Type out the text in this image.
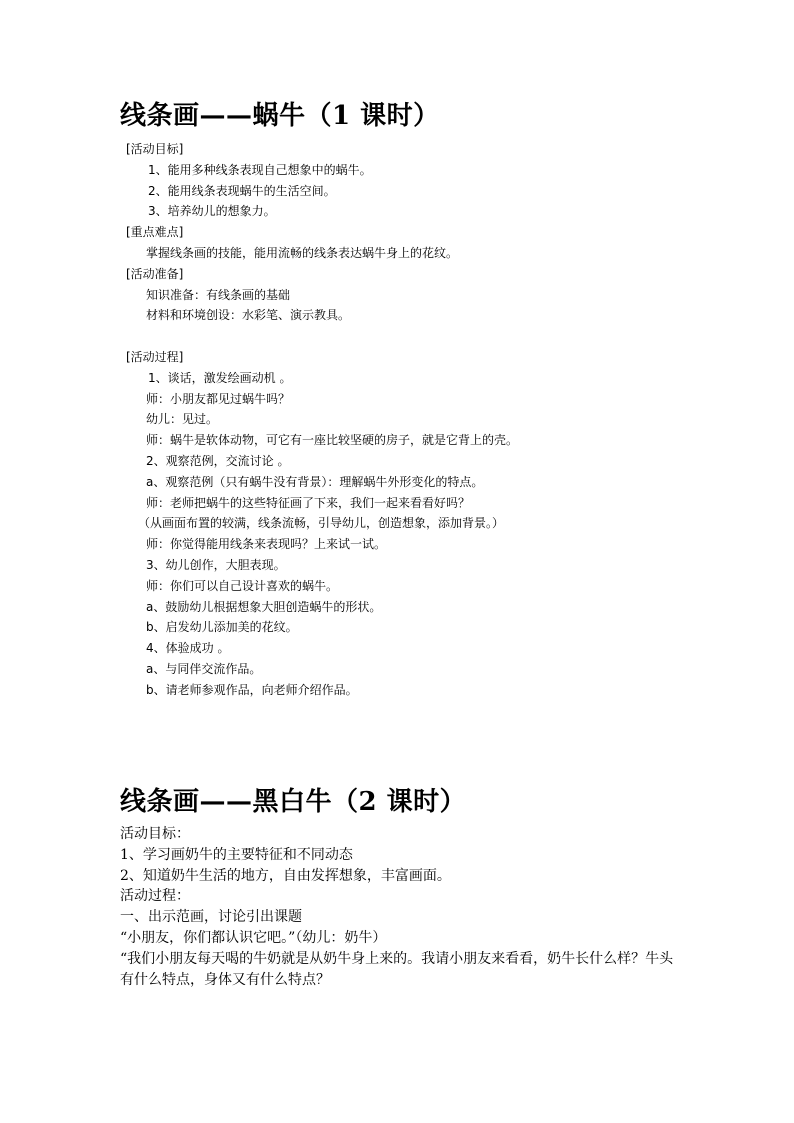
线条画——蜗牛（1 课时）
[活动目标]
1、能用多种线条表现自己想象中的蜗牛。
2、能用线条表现蜗牛的生活空间。
3、培养幼儿的想象力。
[重点难点]
掌握线条画的技能，能用流畅的线条表达蜗牛身上的花纹。
[活动准备]
知识准备：有线条画的基础
材料和环境创设：水彩笔、演示教具。
[活动过程]
1、谈话，激发绘画动机 。
师：小朋友都见过蜗牛吗？
幼儿：见过。
师：蜗牛是软体动物，可它有一座比较坚硬的房子，就是它背上的壳。
2、观察范例，交流讨论 。
a、观察范例（只有蜗牛没有背景）：理解蜗牛外形变化的特点。
师：老师把蜗牛的这些特征画了下来，我们一起来看看好吗？
（从画面布置的较满，线条流畅，引导幼儿，创造想象，添加背景。）
师：你觉得能用线条来表现吗？上来试一试。
3、幼儿创作，大胆表现。
师：你们可以自己设计喜欢的蜗牛。
a、鼓励幼儿根据想象大胆创造蜗牛的形状。
b、启发幼儿添加美的花纹。
4、体验成功 。
a、与同伴交流作品。
b、请老师参观作品，向老师介绍作品。
线条画——黑白牛（2 课时）
活动目标：
1、学习画奶牛的主要特征和不同动态
2、知道奶牛生活的地方，自由发挥想象，丰富画面。
活动过程：
一、出示范画，讨论引出课题
“小朋友，你们都认识它吧。”（幼儿：奶牛）
“我们小朋友每天喝的牛奶就是从奶牛身上来的。我请小朋友来看看，奶牛长什么样？牛头有什么特点，身体又有什么特点？
